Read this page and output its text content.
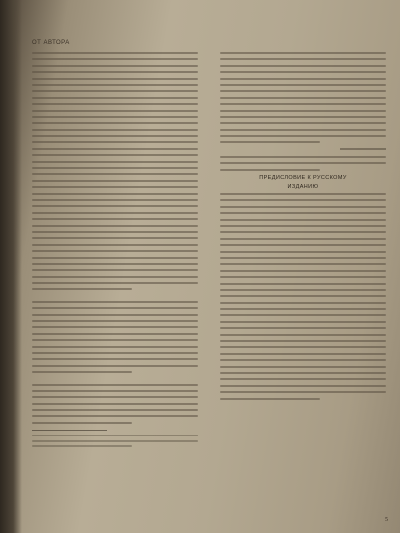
ОТ АВТОРА
ПРЕДИСЛОВИЕ К РУССКОМУ
ИЗДАНИЮ
5
